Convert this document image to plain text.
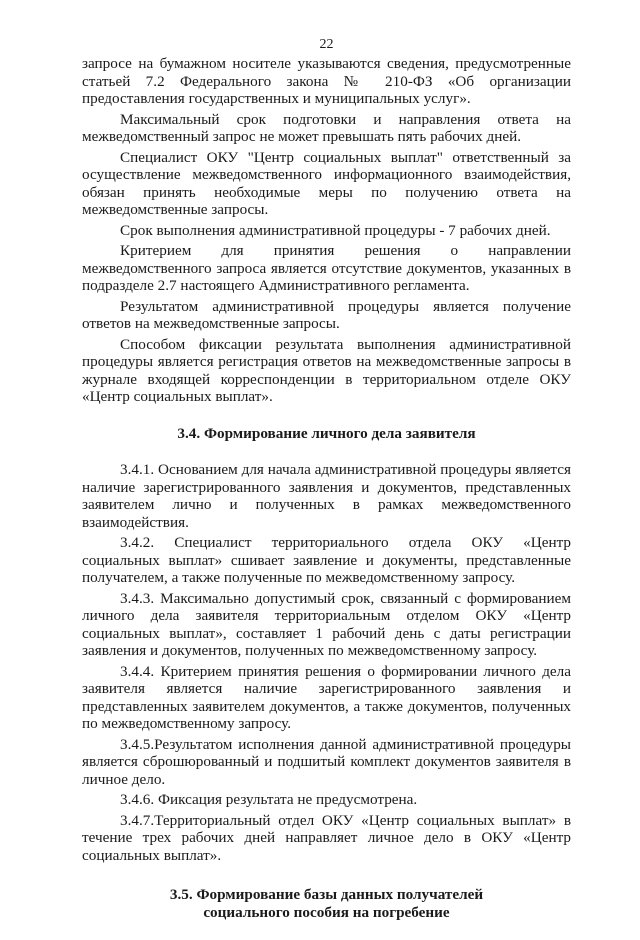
22

запросе на бумажном носителе указываются сведения, предусмотренные статьей 7.2 Федерального закона № 210-ФЗ «Об организации предоставления государственных и муниципальных услуг».

Максимальный срок подготовки и направления ответа на межведомственный запрос не может превышать пять рабочих дней.

Специалист ОКУ "Центр социальных выплат" ответственный за осуществление межведомственного информационного взаимодействия, обязан принять необходимые меры по получению ответа на межведомственные запросы.

Срок выполнения административной процедуры - 7 рабочих дней.

Критерием для принятия решения о направлении межведомственного запроса является отсутствие документов, указанных в подразделе 2.7 настоящего Административного регламента.

Результатом административной процедуры является получение ответов на межведомственные запросы.

Способом фиксации результата выполнения административной процедуры является регистрация ответов на межведомственные запросы в журнале входящей корреспонденции в территориальном отделе ОКУ «Центр социальных выплат».

3.4. Формирование личного дела заявителя

3.4.1. Основанием для начала административной процедуры является наличие зарегистрированного заявления и документов, представленных заявителем лично и полученных в рамках межведомственного взаимодействия.

3.4.2. Специалист территориального отдела ОКУ «Центр социальных выплат» сшивает заявление и документы, представленные получателем, а также полученные по межведомственному запросу.

3.4.3. Максимально допустимый срок, связанный с формированием личного дела заявителя территориальным отделом ОКУ «Центр социальных выплат», составляет 1 рабочий день с даты регистрации заявления и документов, полученных по межведомственному запросу.

3.4.4. Критерием принятия решения о формировании личного дела заявителя является наличие зарегистрированного заявления и представленных заявителем документов, а также документов, полученных по межведомственному запросу.

3.4.5.Результатом исполнения данной административной процедуры является сброшюрованный и подшитый комплект документов заявителя в личное дело.

3.4.6. Фиксация результата не предусмотрена.

3.4.7.Территориальный отдел ОКУ «Центр социальных выплат» в течение трех рабочих дней направляет личное дело в ОКУ «Центр социальных выплат».

3.5. Формирование базы данных получателей
социального пособия на погребение
